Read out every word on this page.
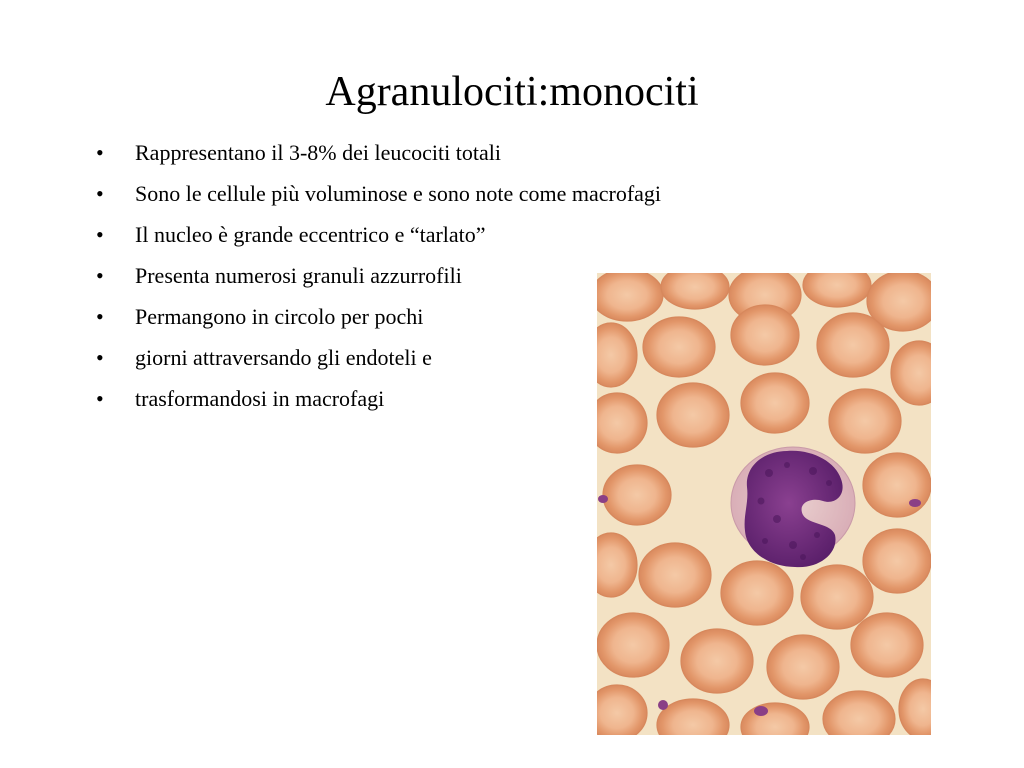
Agranulociti:monociti
•	Rappresentano il 3-8% dei leucociti totali
•	Sono le cellule più voluminose e sono note come macrofagi
•	Il nucleo è grande eccentrico e “tarlato”
•	Presenta numerosi granuli azzurrofili
•	Permangono in circolo per pochi
•	giorni attraversando gli endoteli e
•	trasformandosi in macrofagi
